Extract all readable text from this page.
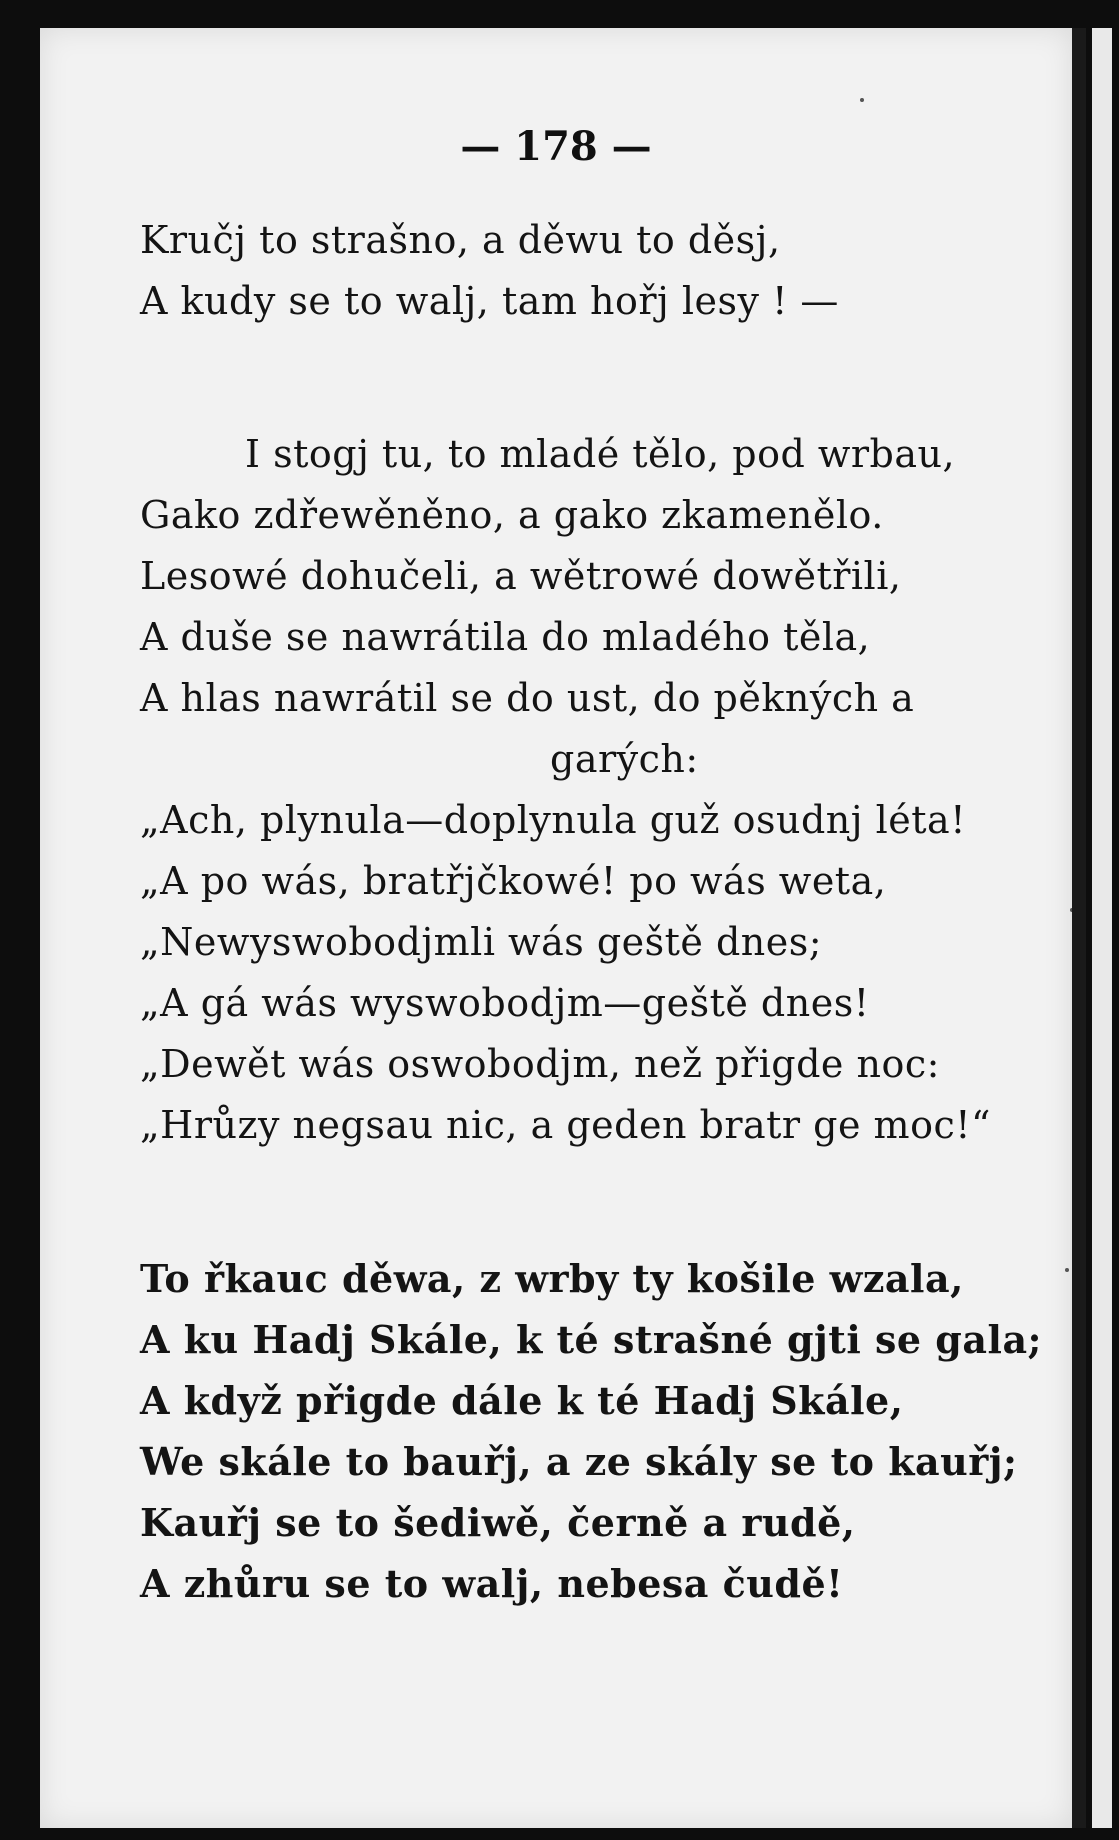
— 178 —
Kručj to strašno, a děwu to děsj,
A kudy se to walj, tam hořj lesy ! —
I stogj tu, to mladé tělo, pod wrbau,
Gako zdřewěněno, a gako zkamenělo.
Lesowé dohučeli, a wětrowé dowětřili,
A duše se nawrátila do mladého těla,
A hlas nawrátil se do ust, do pěkných a
garých:
„Ach, plynula—doplynula guž osudnj léta!
„A po wás, bratřjčkowé! po wás weta,
„Newyswobodjmli wás geště dnes;
„A gá wás wyswobodjm—geště dnes!
„Dewět wás oswobodjm, než přigde noc:
„Hrůzy negsau nic, a geden bratr ge moc!“
To řkauc děwa, z wrby ty košile wzala,
A ku Hadj Skále, k té strašné gjti se gala;
A když přigde dále k té Hadj Skále,
We skále to bauřj, a ze skály se to kauřj;
Kauřj se to šediwě, černě a rudě,
A zhůru se to walj, nebesa čudě!
